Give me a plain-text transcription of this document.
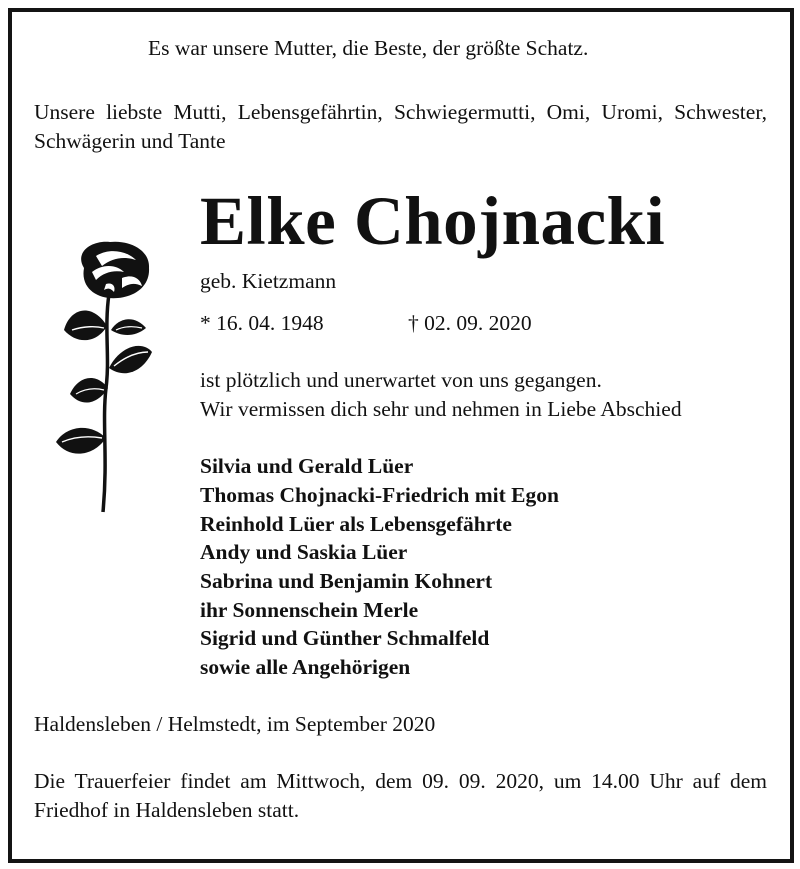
Es war unsere Mutter, die Beste, der größte Schatz.

Unsere liebste Mutti, Lebensgefährtin, Schwiegermutti, Omi, Uromi, Schwester, Schwägerin und Tante

Elke Chojnacki

geb. Kietzmann

* 16. 04. 1948	† 02. 09. 2020

ist plötzlich und unerwartet von uns gegangen.

Wir vermissen dich sehr und nehmen in Liebe Abschied

Silvia und Gerald Lüer

Thomas Chojnacki-Friedrich mit Egon

Reinhold Lüer als Lebensgefährte

Andy und Saskia Lüer

Sabrina und Benjamin Kohnert

ihr Sonnenschein Merle

Sigrid und Günther Schmalfeld

sowie alle Angehörigen

Haldensleben / Helmstedt, im September 2020

Die Trauerfeier findet am Mittwoch, dem 09. 09. 2020, um 14.00 Uhr auf dem Friedhof in Haldensleben statt.
